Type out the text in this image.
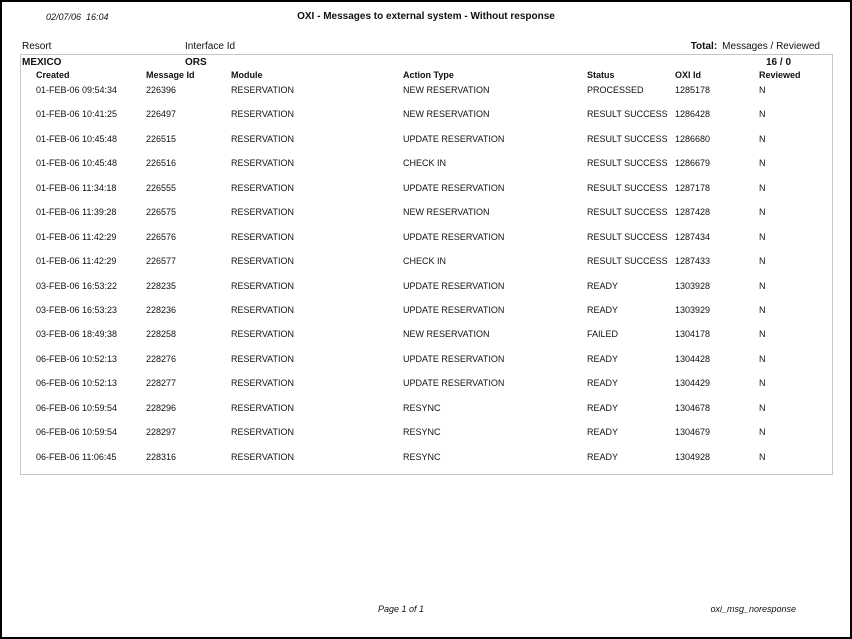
02/07/06  16:04	OXI - Messages to external system - Without response
Resort	Interface Id	Total: Messages / Reviewed
MEXICO	ORS	16 / 0
Created	Message Id	Module	Action Type	Status	OXI Id	Reviewed
01-FEB-06 09:54:34	226396	RESERVATION	NEW RESERVATION	PROCESSED	1285178	N
01-FEB-06 10:41:25	226497	RESERVATION	NEW RESERVATION	RESULT SUCCESS 1286428	N
01-FEB-06 10:45:48	226515	RESERVATION	UPDATE RESERVATION	RESULT SUCCESS 1286680	N
01-FEB-06 10:45:48	226516	RESERVATION	CHECK IN	RESULT SUCCESS 1286679	N
01-FEB-06 11:34:18	226555	RESERVATION	UPDATE RESERVATION	RESULT SUCCESS 1287178	N
01-FEB-06 11:39:28	226575	RESERVATION	NEW RESERVATION	RESULT SUCCESS 1287428	N
01-FEB-06 11:42:29	226576	RESERVATION	UPDATE RESERVATION	RESULT SUCCESS 1287434	N
01-FEB-06 11:42:29	226577	RESERVATION	CHECK IN	RESULT SUCCESS 1287433	N
03-FEB-06 16:53:22	228235	RESERVATION	UPDATE RESERVATION	READY	1303928	N
03-FEB-06 16:53:23	228236	RESERVATION	UPDATE RESERVATION	READY	1303929	N
03-FEB-06 18:49:38	228258	RESERVATION	NEW RESERVATION	FAILED	1304178	N
06-FEB-06 10:52:13	228276	RESERVATION	UPDATE RESERVATION	READY	1304428	N
06-FEB-06 10:52:13	228277	RESERVATION	UPDATE RESERVATION	READY	1304429	N
06-FEB-06 10:59:54	228296	RESERVATION	RESYNC	READY	1304678	N
06-FEB-06 10:59:54	228297	RESERVATION	RESYNC	READY	1304679	N
06-FEB-06 11:06:45	228316	RESERVATION	RESYNC	READY	1304928	N
Page 1 of 1	oxi_msg_noresponse
